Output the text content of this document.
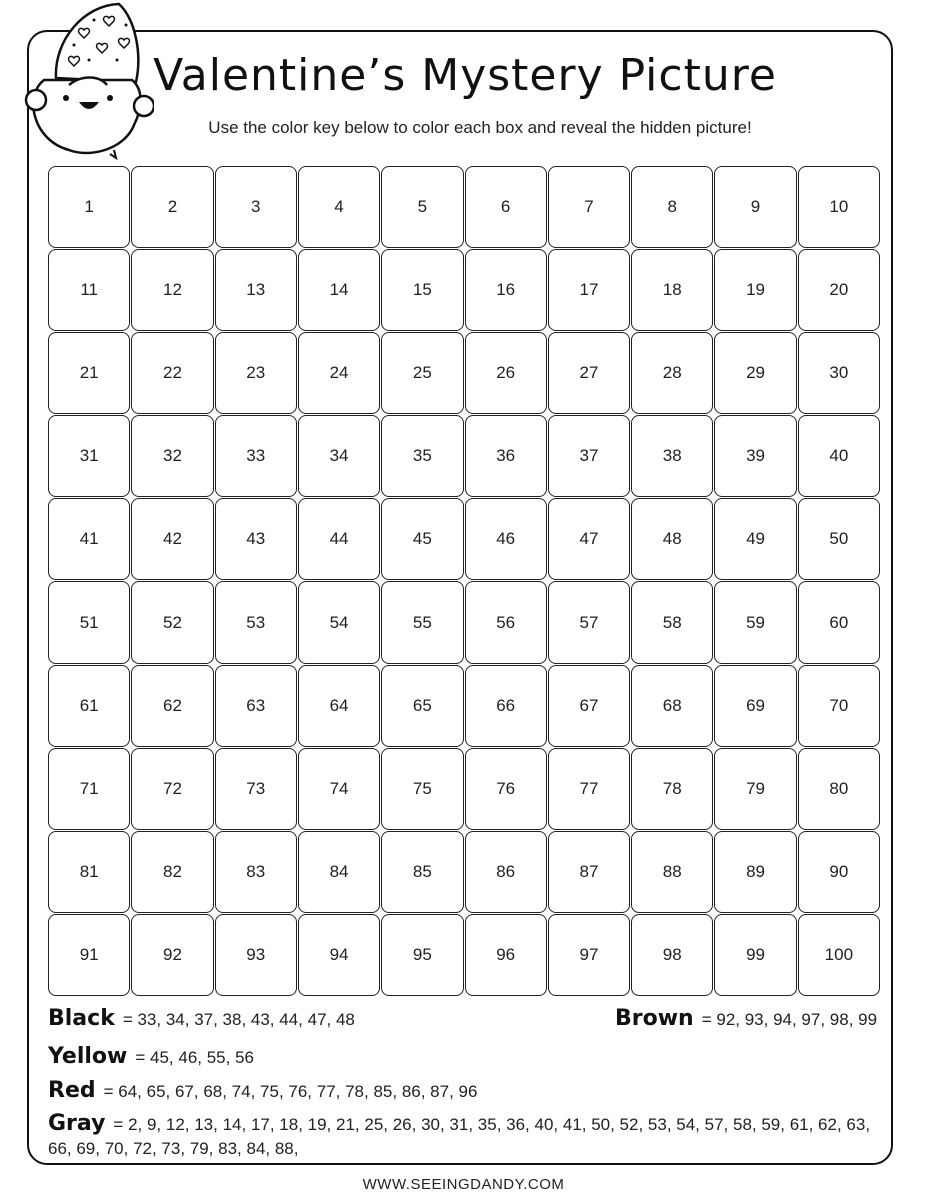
Valentine’s Mystery Picture
Use the color key below to color each box and reveal the hidden picture!
1	2	3	4	5	6	7	8	9	10
11	12	13	14	15	16	17	18	19	20
21	22	23	24	25	26	27	28	29	30
31	32	33	34	35	36	37	38	39	40
41	42	43	44	45	46	47	48	49	50
51	52	53	54	55	56	57	58	59	60
61	62	63	64	65	66	67	68	69	70
71	72	73	74	75	76	77	78	79	80
81	82	83	84	85	86	87	88	89	90
91	92	93	94	95	96	97	98	99	100
Black = 33, 34, 37, 38, 43, 44, 47, 48	Brown = 92, 93, 94, 97, 98, 99
Yellow = 45, 46, 55, 56
Red = 64, 65, 67, 68, 74, 75, 76, 77, 78, 85, 86, 87, 96
Gray = 2, 9, 12, 13, 14, 17, 18, 19, 21, 25, 26, 30, 31, 35, 36, 40, 41, 50, 52, 53, 54, 57, 58, 59, 61, 62, 63, 66, 69, 70, 72, 73, 79, 83, 84, 88,
WWW.SEEINGDANDY.COM
